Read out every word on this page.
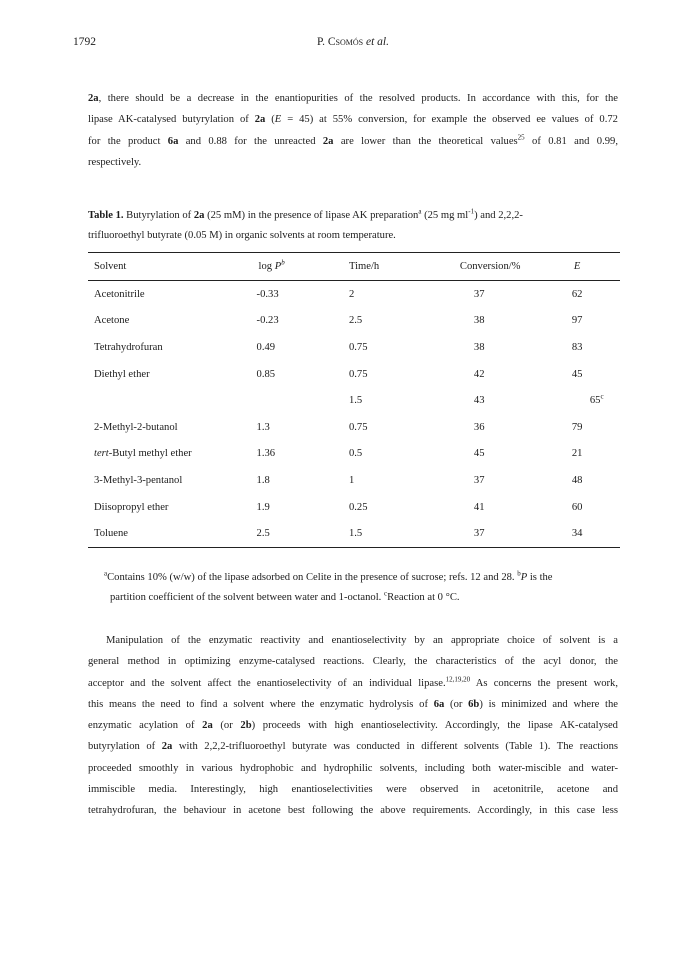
1792	P. Csomós et al.
2a, there should be a decrease in the enantiopurities of the resolved products. In accordance with this, for the
lipase AK-catalysed butyrylation of 2a (E = 45) at 55% conversion, for example the observed ee values of 0.72
for the product 6a and 0.88 for the unreacted 2a are lower than the theoretical values$^{25}$ of 0.81 and 0.99,
respectively.
Table 1. Butyrylation of 2a (25 mM) in the presence of lipase AK preparation$^a$ (25 mg $ml^{-1}$) and 2,2,2-
trifluoroethyl butyrate (0.05 M) in organic solvents at room temperature.
Solvent	$\log P^b$	Time/h	Conversion/%	E
Acetonitrile	-0.33	2	37	62
Acetone	-0.23	2.5	38	97
Tetrahydrofuran	0.49	0.75	38	83
Diethyl ether	0.85	0.75	42	45
		1.5	43	65$^c$
2-Methyl-2-butanol	1.3	0.75	36	79
tert-Butyl methyl ether	1.36	0.5	45	21
3-Methyl-3-pentanol	1.8	1	37	48
Diisopropyl ether	1.9	0.25	41	60
Toluene	2.5	1.5	37	34
$^a$Contains 10% (w/w) of the lipase adsorbed on Celite in the presence of sucrose; refs. 12 and 28. $^b$P is the
partition coefficient of the solvent between water and 1-octanol. $^c$Reaction at 0 °C.
Manipulation of the enzymatic reactivity and enantioselectivity by an appropriate choice of solvent is a
general method in optimizing enzyme-catalysed reactions. Clearly, the characteristics of the acyl donor, the
acceptor and the solvent affect the enantioselectivity of an individual lipase.$^{12,19,20}$ As concerns the present work,
this means the need to find a solvent where the enzymatic hydrolysis of 6a (or 6b) is minimized and where the
enzymatic acylation of 2a (or 2b) proceeds with high enantioselectivity. Accordingly, the lipase AK-catalysed
butyrylation of 2a with 2,2,2-trifluoroethyl butyrate was conducted in different solvents (Table 1). The reactions
proceeded smoothly in various hydrophobic and hydrophilic solvents, including both water-miscible and water-
immiscible media. Interestingly, high enantioselectivities were observed in acetonitrile, acetone and
tetrahydrofuran, the behaviour in acetone best following the above requirements. Accordingly, in this case less
